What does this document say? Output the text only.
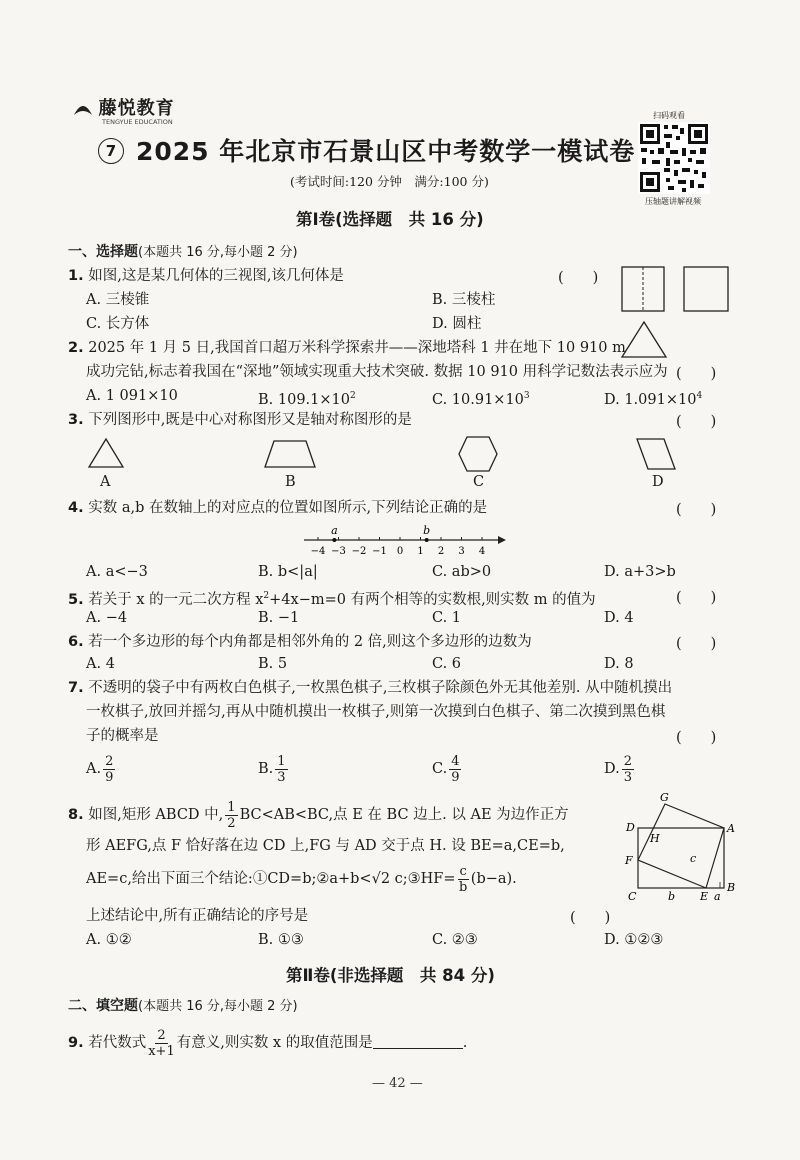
藤悦教育
TENGYUE EDUCATION
7 2025 年北京市石景山区中考数学一模试卷
(考试时间:120 分钟　满分:100 分)
扫码观看
压轴题讲解视频
第Ⅰ卷(选择题　共 16 分)
一、选择题(本题共 16 分,每小题 2 分)
1. 如图,这是某几何体的三视图,该几何体是	(　　)
A. 三棱锥	B. 三棱柱
C. 长方体	D. 圆柱
2. 2025 年 1 月 5 日,我国首口超万米科学探索井——深地塔科 1 井在地下 10 910 m
成功完钻,标志着我国在“深地”领域实现重大技术突破. 数据 10 910 用科学记数法表示应为 (　　)
A. 1 091×10	B. $109.1\times 10^2$	C. $10.91\times 10^3$	D. $1.091\times 10^4$
3. 下列图形中,既是中心对称图形又是轴对称图形的是	(　　)
A	B	C	D
4. 实数 a,b 在数轴上的对应点的位置如图所示,下列结论正确的是	(　　)
−4 −3 −2 −1 0 1 2 3 4
a	b
A. a<−3	B. b<|a|	C. ab>0	D. a+3>b
5. 若关于 x 的一元二次方程 $x^2+4x-m=0$ 有两个相等的实数根,则实数 m 的值为	(　　)
A. −4	B. −1	C. 1	D. 4
6. 若一个多边形的每个内角都是相邻外角的 2 倍,则这个多边形的边数为	(　　)
A. 4	B. 5	C. 6	D. 8
7. 不透明的袋子中有两枚白色棋子,一枚黑色棋子,三枚棋子除颜色外无其他差别. 从中随机摸出
一枚棋子,放回并摇匀,再从中随机摸出一枚棋子,则第一次摸到白色棋子、第二次摸到黑色棋
子的概率是	(　　)
A. $\frac{2}{9}$	B. $\frac{1}{3}$	C. $\frac{4}{9}$	D. $\frac{2}{3}$
8. 如图,矩形 ABCD 中, $\frac{1}{2} BC<AB<BC$,点 E 在 BC 边上. 以 AE 为边作正方
形 AEFG,点 F 恰好落在边 CD 上,FG 与 AD 交于点 H. 设 BE=a,CE=b,
AE=c,给出下面三个结论:①CD=b;②a+b<√2 c;③HF= $\frac{c}{b} (b-a)$.
上述结论中,所有正确结论的序号是	(　　)
A. ①②	B. ①③	C. ②③	D. ①②③
G
D
H
A
F	c
C	b E a
B
第Ⅱ卷(非选择题　共 84 分)
二、填空题(本题共 16 分,每小题 2 分)
9. 若代数式 $\frac{2}{x+1}$ 有意义,则实数 x 的取值范围是	.
— 42 —
